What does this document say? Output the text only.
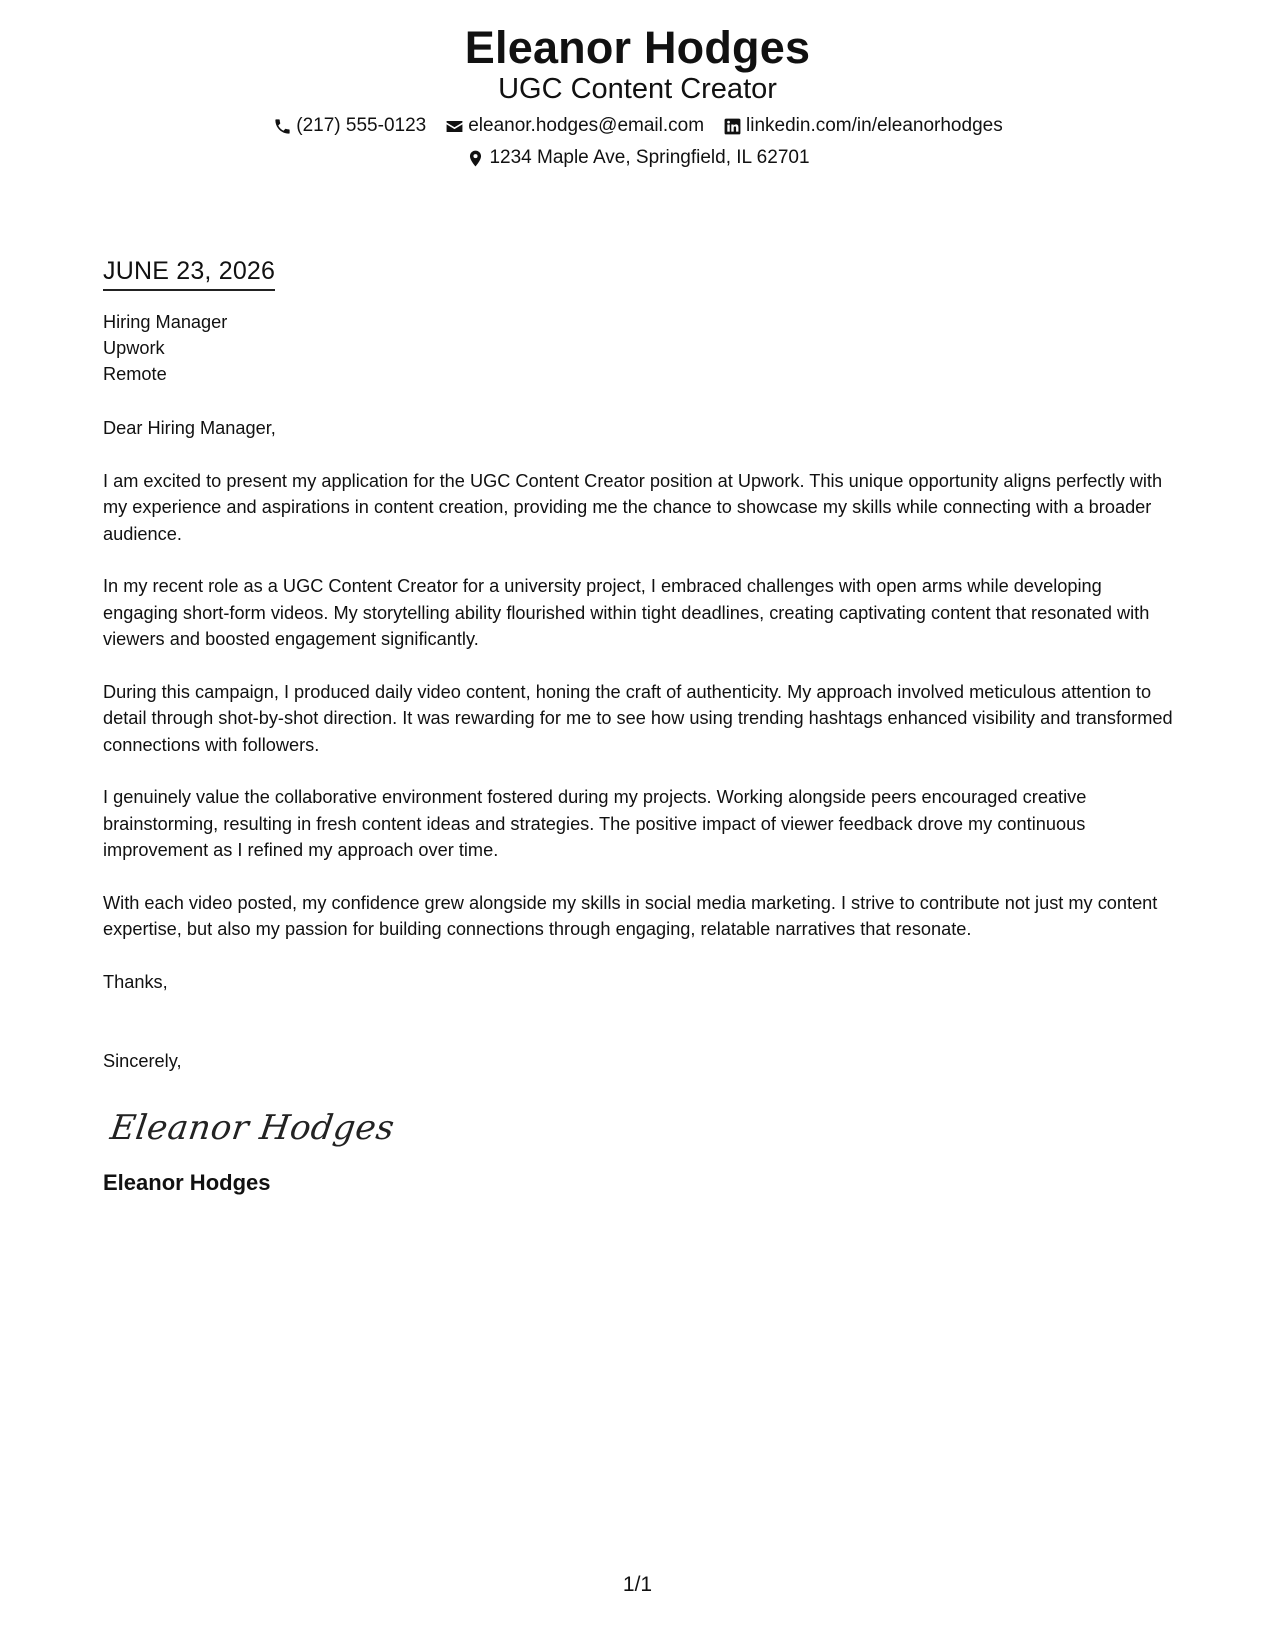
Eleanor Hodges
UGC Content Creator
(217) 555-0123 eleanor.hodges@email.com linkedin.com/in/eleanorhodges
1234 Maple Ave, Springfield, IL 62701
JUNE 23, 2026
Hiring Manager
Upwork
Remote
Dear Hiring Manager,

I am excited to present my application for the UGC Content Creator position at Upwork. This unique opportunity aligns perfectly with my experience and aspirations in content creation, providing me the chance to showcase my skills while connecting with a broader audience.

In my recent role as a UGC Content Creator for a university project, I embraced challenges with open arms while developing engaging short-form videos. My storytelling ability flourished within tight deadlines, creating captivating content that resonated with viewers and boosted engagement significantly.

During this campaign, I produced daily video content, honing the craft of authenticity. My approach involved meticulous attention to detail through shot-by-shot direction. It was rewarding for me to see how using trending hashtags enhanced visibility and transformed connections with followers.

I genuinely value the collaborative environment fostered during my projects. Working alongside peers encouraged creative brainstorming, resulting in fresh content ideas and strategies. The positive impact of viewer feedback drove my continuous improvement as I refined my approach over time.

With each video posted, my confidence grew alongside my skills in social media marketing. I strive to contribute not just my content expertise, but also my passion for building connections through engaging, relatable narratives that resonate.

Thanks,
Sincerely,
Eleanor Hodges
Eleanor Hodges
1/1
